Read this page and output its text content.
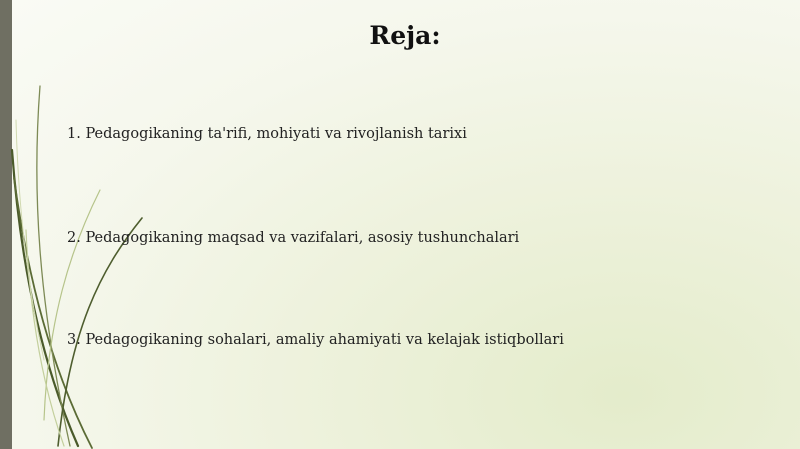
Reja:
1. Pedagogikaning ta'rifi, mohiyati va rivojlanish tarixi
2. Pedagogikaning maqsad va vazifalari, asosiy tushunchalari
3. Pedagogikaning sohalari, amaliy ahamiyati va kelajak istiqbollari
